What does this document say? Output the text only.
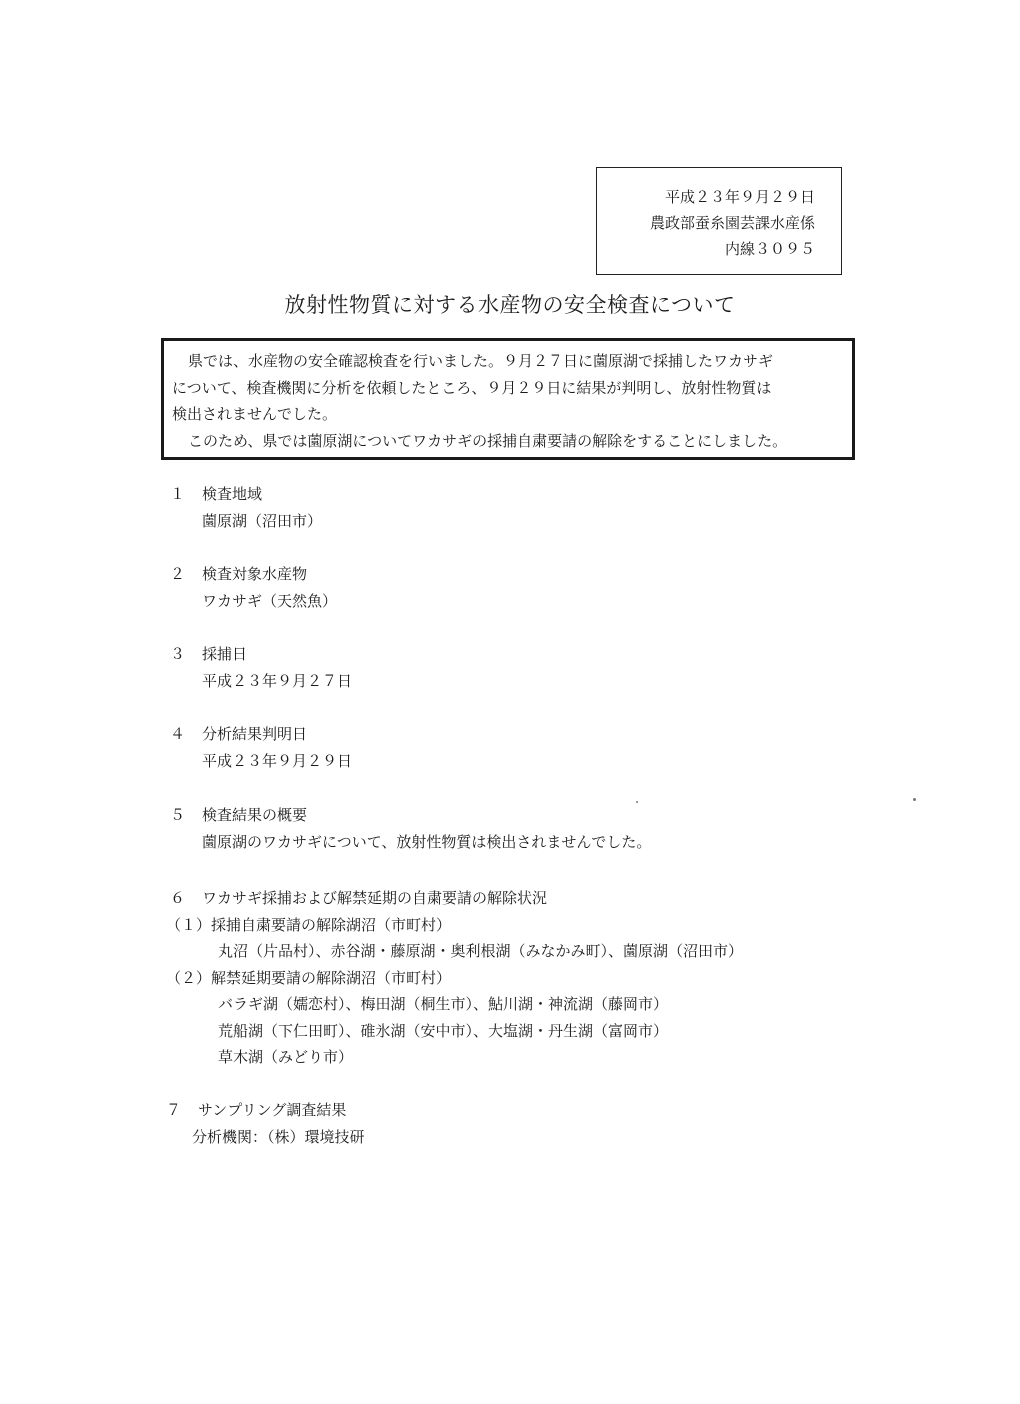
平成２３年９月２９日
農政部蚕糸園芸課水産係
内線３０９５
放射性物質に対する水産物の安全検査について

県では、水産物の安全確認検査を行いました。９月２７日に薗原湖で採捕したワカサギ

について、検査機関に分析を依頼したところ、９月２９日に結果が判明し、放射性物質は

検出されませんでした。

このため、県では薗原湖についてワカサギの採捕自粛要請の解除をすることにしました。

１ 検査地域
薗原湖（沼田市）
２ 検査対象水産物
ワカサギ（天然魚）
３ 採捕日
平成２３年９月２７日
４ 分析結果判明日
平成２３年９月２９日
５ 検査結果の概要
薗原湖のワカサギについて、放射性物質は検出されませんでした。
６ ワカサギ採捕および解禁延期の自粛要請の解除状況
（１）採捕自粛要請の解除湖沼（市町村）
丸沼（片品村）、赤谷湖・藤原湖・奥利根湖（みなかみ町）、薗原湖（沼田市）
（２）解禁延期要請の解除湖沼（市町村）
バラギ湖（嬬恋村）、梅田湖（桐生市）、鮎川湖・神流湖（藤岡市）
荒船湖（下仁田町）、碓氷湖（安中市）、大塩湖・丹生湖（富岡市）
草木湖（みどり市）
７ サンプリング調査結果
分析機関：（株）環境技研
